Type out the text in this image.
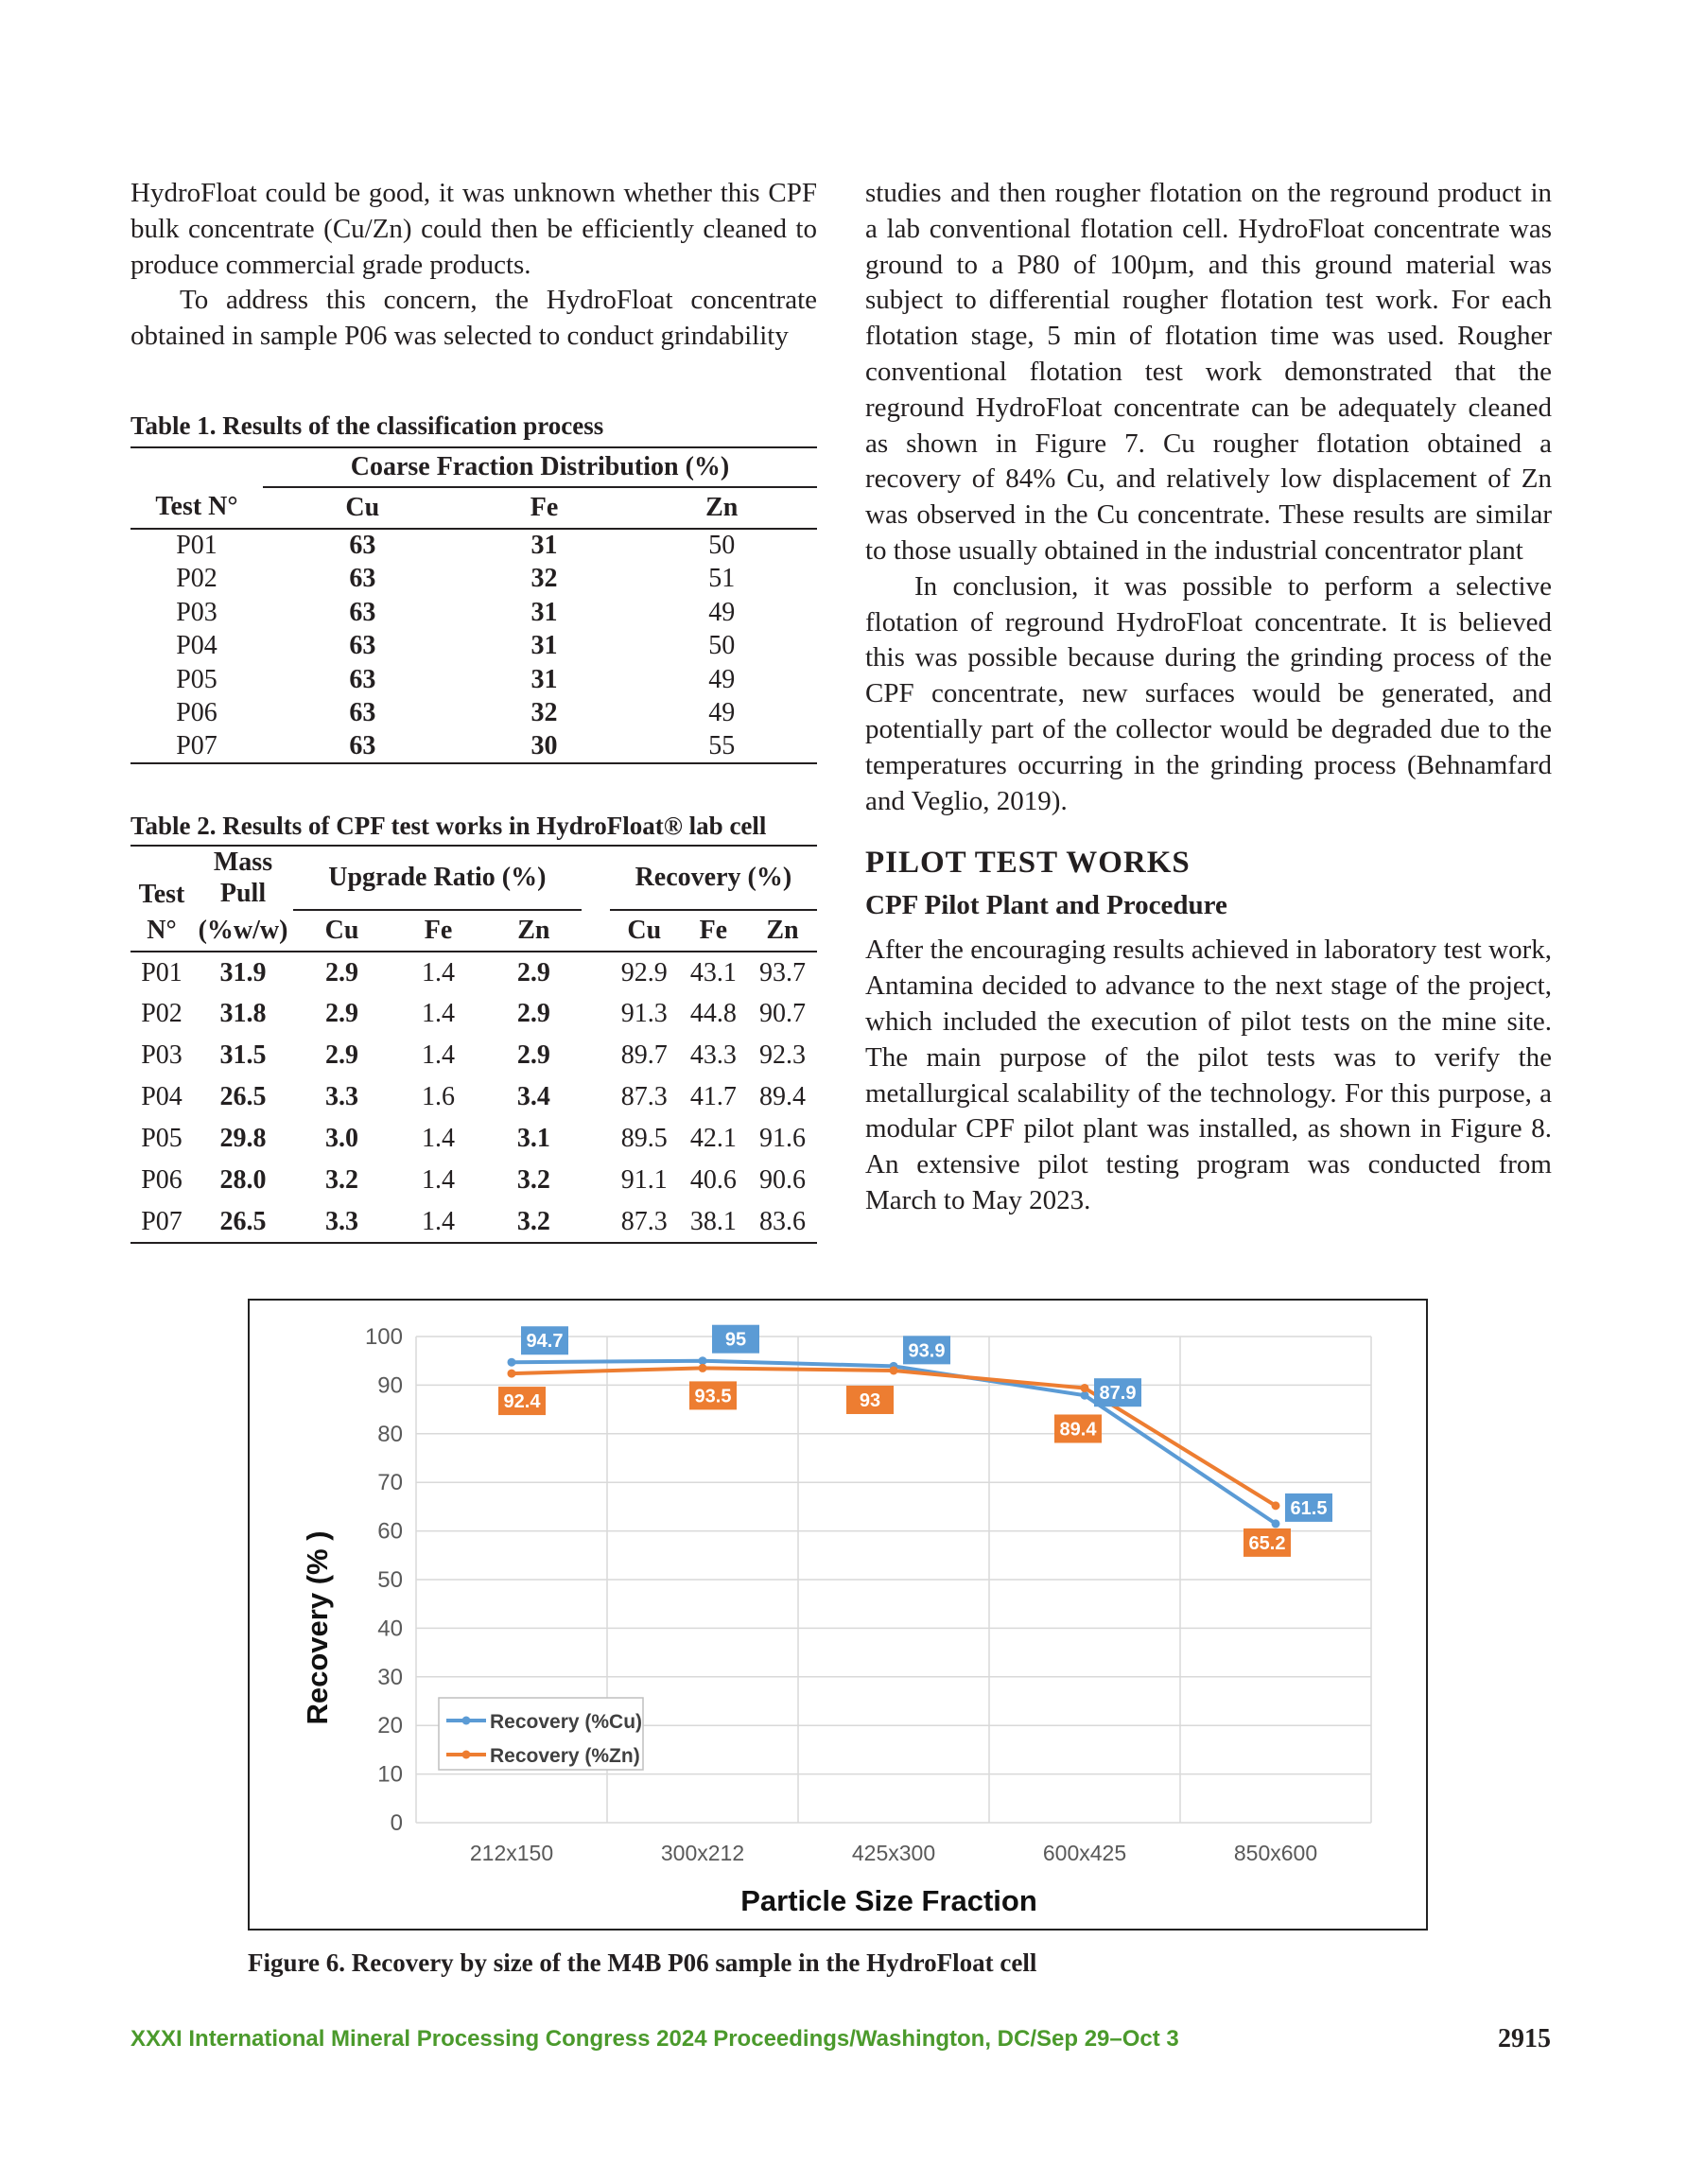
HydroFloat could be good, it was unknown whether this CPF bulk concentrate (Cu/Zn) could then be efficiently cleaned to produce commercial grade products.

To address this concern, the HydroFloat concentrate obtained in sample P06 was selected to conduct grindability

Table 1. Results of the classification process

	Coarse Fraction Distribution (%)		
Test N°	Cu	Fe	Zn
P01	63	31	50
P02	63	32	51
P03	63	31	49
P04	63	31	50
P05	63	31	49
P06	63	32	49
P07	63	30	55

Table 2. Results of CPF test works in HydroFloat® lab cell

Test	Mass	Upgrade Ratio (%)				Recovery (%)		
	Pull							
N°	(%w/w)	Cu	Fe	Zn		Cu	Fe	Zn
P01	31.9	2.9	1.4	2.9		92.9	43.1	93.7
P02	31.8	2.9	1.4	2.9		91.3	44.8	90.7
P03	31.5	2.9	1.4	2.9		89.7	43.3	92.3
P04	26.5	3.3	1.6	3.4		87.3	41.7	89.4
P05	29.8	3.0	1.4	3.1		89.5	42.1	91.6
P06	28.0	3.2	1.4	3.2		91.1	40.6	90.6
P07	26.5	3.3	1.4	3.2		87.3	38.1	83.6

studies and then rougher flotation on the reground product in a lab conventional flotation cell. HydroFloat concentrate was ground to a P80 of 100µm, and this ground material was subject to differential rougher flotation test work. For each flotation stage, 5 min of flotation time was used. Rougher conventional flotation test work demonstrated that the reground HydroFloat concentrate can be adequately cleaned as shown in Figure 7. Cu rougher flotation obtained a recovery of 84% Cu, and relatively low displacement of Zn was observed in the Cu concentrate. These results are similar to those usually obtained in the industrial concentrator plant

In conclusion, it was possible to perform a selective flotation of reground HydroFloat concentrate. It is believed this was possible because during the grinding process of the CPF concentrate, new surfaces would be generated, and potentially part of the collector would be degraded due to the temperatures occurring in the grinding process (Behnamfard and Veglio, 2019).

PILOT TEST WORKS

CPF Pilot Plant and Procedure

After the encouraging results achieved in laboratory test work, Antamina decided to advance to the next stage of the project, which included the execution of pilot tests on the mine site. The main purpose of the pilot tests was to verify the metallurgical scalability of the technology. For this purpose, a modular CPF pilot plant was installed, as shown in Figure 8. An extensive pilot testing program was conducted from March to May 2023.

0
10
20
30
40
50
60
70
80
90
100
212x150	300x212	425x300	600x425	850x600
94.7	95
93.9
87.9
61.5
92.4	93.5	93
89.4
65.2
Recovery (% )
Particle Size Fraction
Recovery (%Cu)
Recovery (%Zn)
Figure 6. Recovery by size of the M4B P06 sample in the HydroFloat cell
XXXI International Mineral Processing Congress 2024 Proceedings/Washington, DC/Sep 29–Oct 3	2915
